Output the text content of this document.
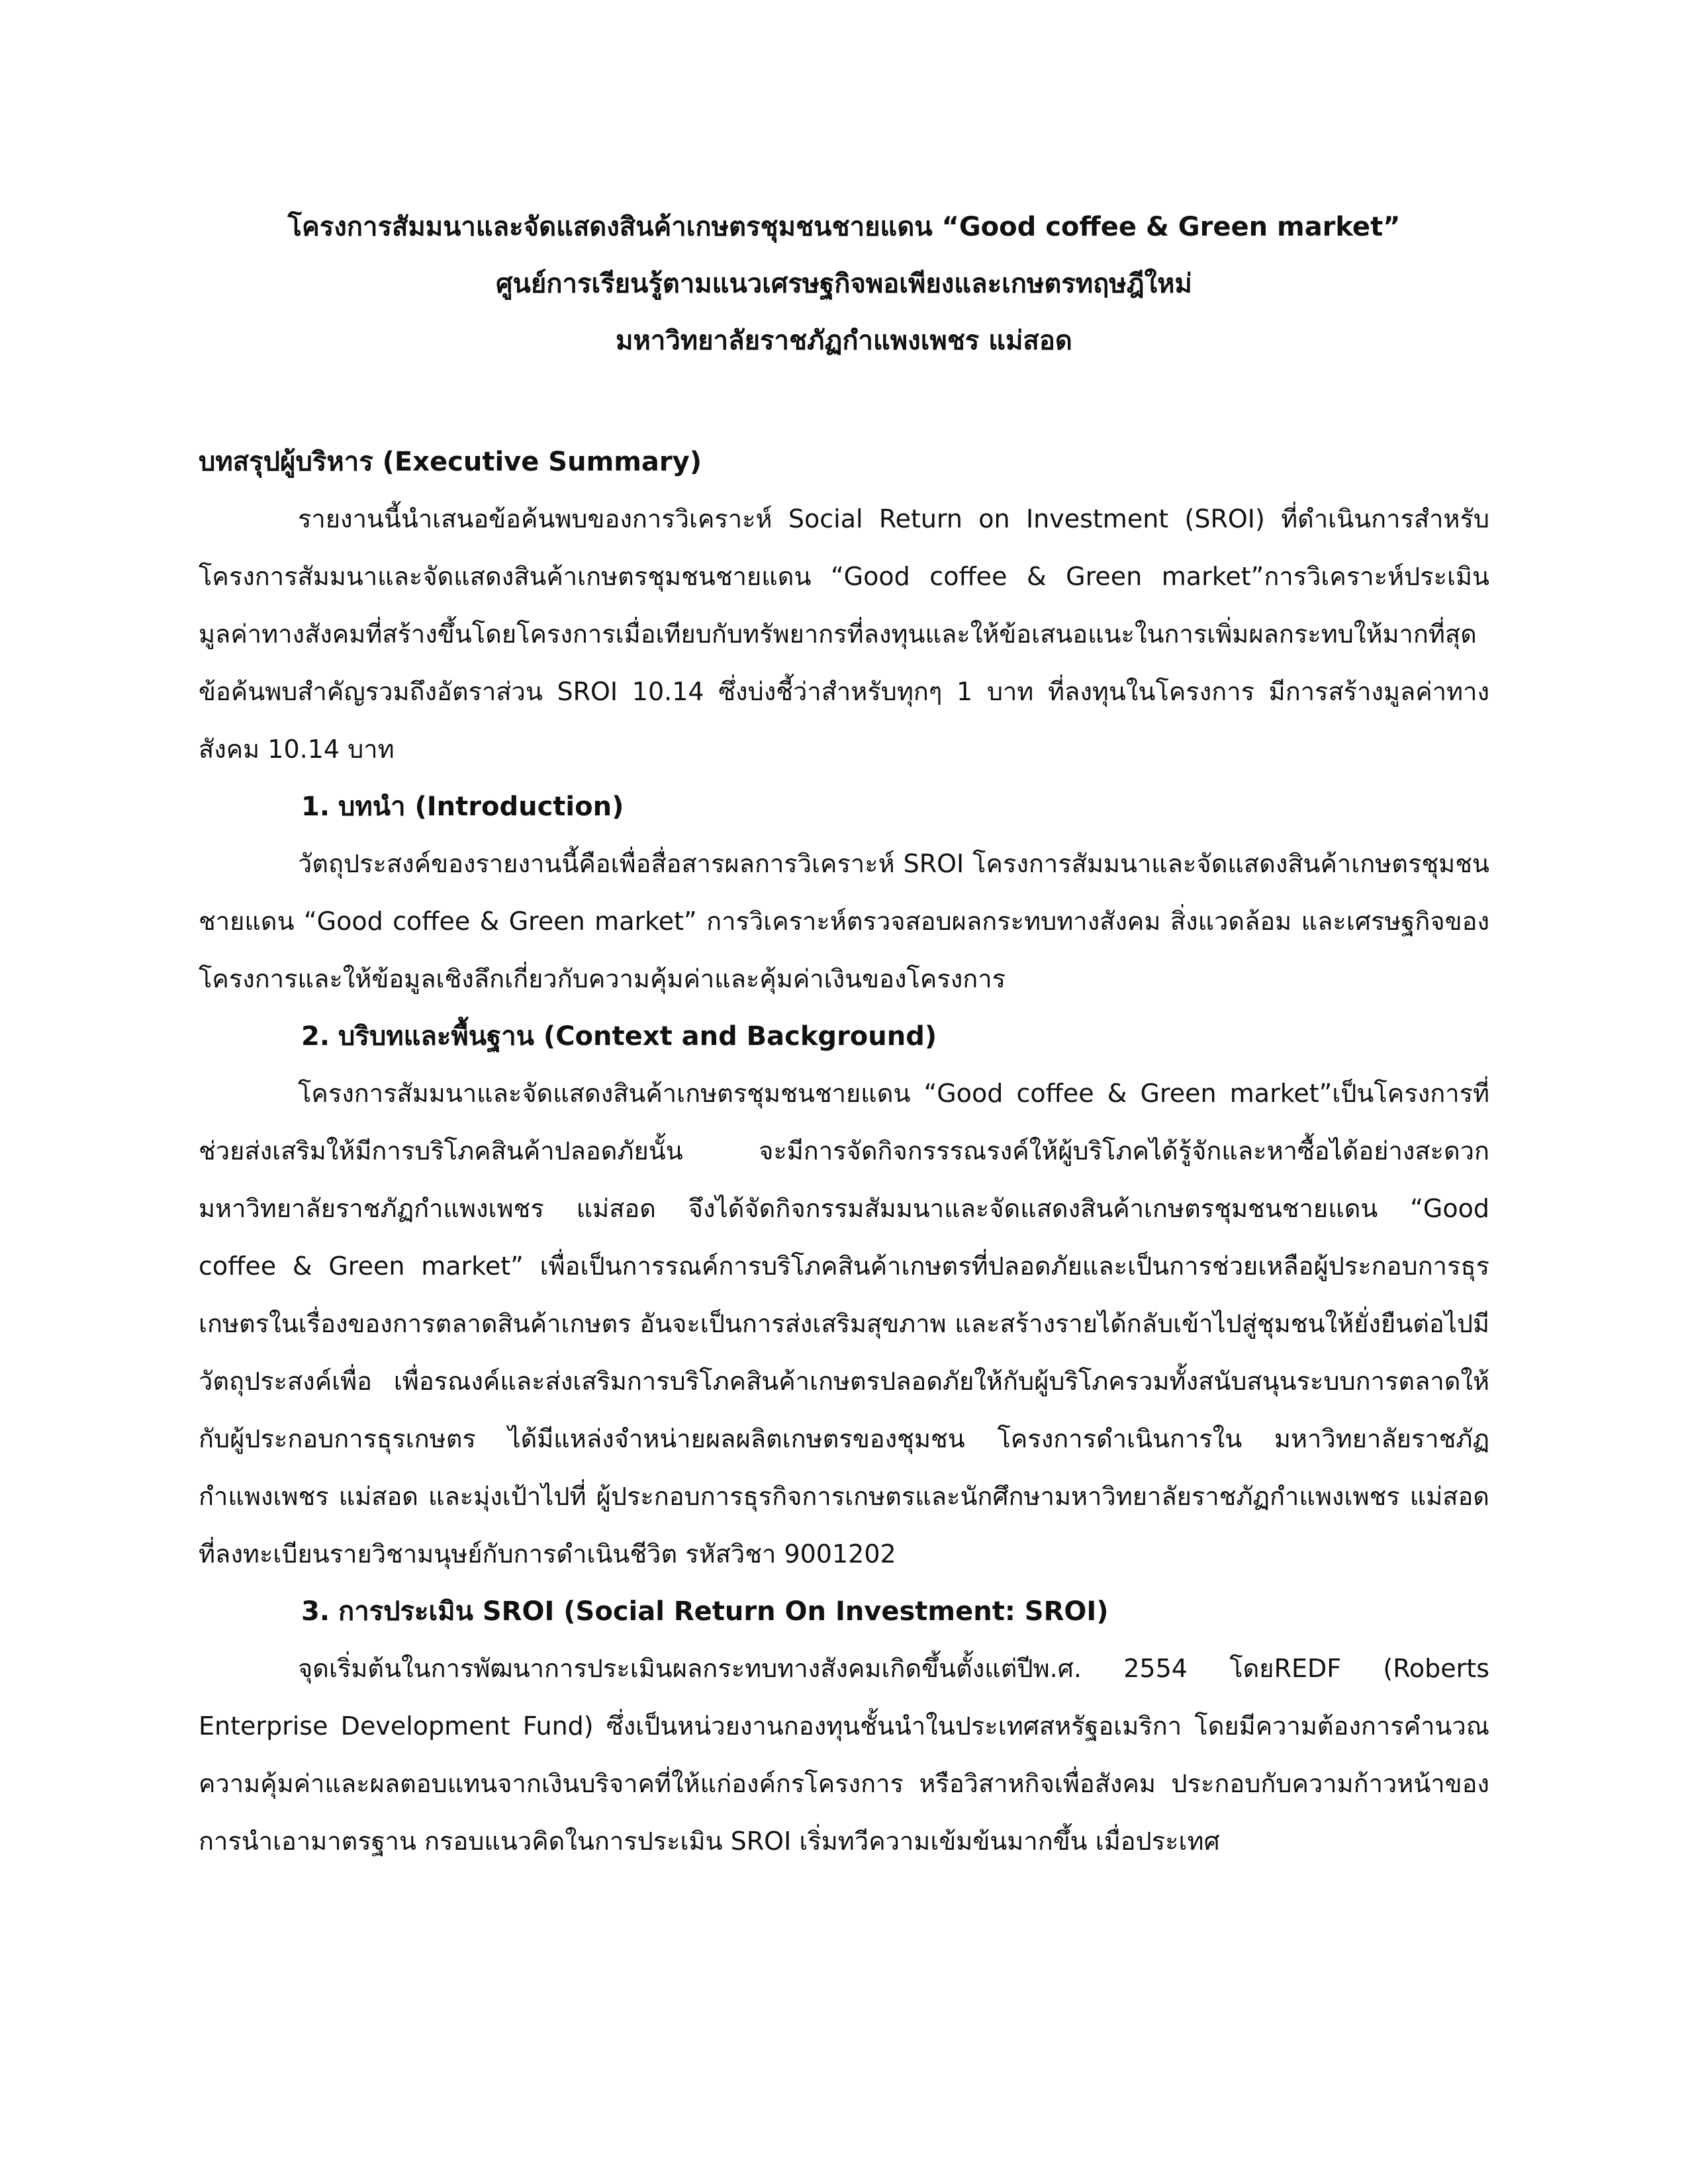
โครงการสัมมนาและจัดแสดงสินค้าเกษตรชุมชนชายแดน “Good coffee & Green market”
ศูนย์การเรียนรู้ตามแนวเศรษฐกิจพอเพียงและเกษตรทฤษฎีใหม่
มหาวิทยาลัยราชภัฏกำแพงเพชร แม่สอด
บทสรุปผู้บริหาร (Executive Summary)

รายงานนี้นำเสนอข้อค้นพบของการวิเคราะห์ Social Return on Investment (SROI) ที่ดำเนินการสำหรับ โครงการสัมมนาและจัดแสดงสินค้าเกษตรชุมชนชายแดน “Good coffee & Green market”การวิเคราะห์ประเมินมูลค่าทางสังคมที่สร้างขึ้นโดยโครงการเมื่อเทียบกับทรัพยากรที่ลงทุนและให้ข้อเสนอแนะในการเพิ่มผลกระทบให้มากที่สุด ข้อค้นพบสำคัญรวมถึงอัตราส่วน SROI 10.14 ซึ่งบ่งชี้ว่าสำหรับทุกๆ 1 บาท ที่ลงทุนในโครงการ มีการสร้างมูลค่าทางสังคม 10.14 บาท

1. บทนำ (Introduction)

วัตถุประสงค์ของรายงานนี้คือเพื่อสื่อสารผลการวิเคราะห์ SROI โครงการสัมมนาและจัดแสดงสินค้าเกษตรชุมชนชายแดน “Good coffee & Green market” การวิเคราะห์ตรวจสอบผลกระทบทางสังคม สิ่งแวดล้อม และเศรษฐกิจของโครงการและให้ข้อมูลเชิงลึกเกี่ยวกับความคุ้มค่าและคุ้มค่าเงินของโครงการ

2. บริบทและพื้นฐาน (Context and Background)

โครงการสัมมนาและจัดแสดงสินค้าเกษตรชุมชนชายแดน “Good coffee & Green market”เป็นโครงการที่ช่วยส่งเสริมให้มีการบริโภคสินค้าปลอดภัยนั้น จะมีการจัดกิจกรรรณรงค์ให้ผู้บริโภคได้รู้จักและหาซื้อได้อย่างสะดวก มหาวิทยาลัยราชภัฏกำแพงเพชร แม่สอด จึงได้จัดกิจกรรมสัมมนาและจัดแสดงสินค้าเกษตรชุมชนชายแดน “Good coffee & Green market” เพื่อเป็นการรณค์การบริโภคสินค้าเกษตรที่ปลอดภัยและเป็นการช่วยเหลือผู้ประกอบการธุรเกษตรในเรื่องของการตลาดสินค้าเกษตร อันจะเป็นการส่งเสริมสุขภาพ และสร้างรายได้กลับเข้าไปสู่ชุมชนให้ยั่งยืนต่อไปมีวัตถุประสงค์เพื่อ เพื่อรณงค์และส่งเสริมการบริโภคสินค้าเกษตรปลอดภัยให้กับผู้บริโภครวมทั้งสนับสนุนระบบการตลาดให้กับผู้ประกอบการธุรเกษตร ได้มีแหล่งจำหน่ายผลผลิตเกษตรของชุมชน โครงการดำเนินการใน มหาวิทยาลัยราชภัฏกำแพงเพชร แม่สอด และมุ่งเป้าไปที่ ผู้ประกอบการธุรกิจการเกษตรและนักศึกษามหาวิทยาลัยราชภัฏกำแพงเพชร แม่สอด ที่ลงทะเบียนรายวิชามนุษย์กับการดำเนินชีวิต รหัสวิชา 9001202

3. การประเมิน SROI (Social Return On Investment: SROI)

จุดเริ่มต้นในการพัฒนาการประเมินผลกระทบทางสังคมเกิดขึ้นตั้งแต่ปีพ.ศ. 2554 โดยREDF (Roberts Enterprise Development Fund) ซึ่งเป็นหน่วยงานกองทุนชั้นนำในประเทศสหรัฐอเมริกา โดยมีความต้องการคำนวณความคุ้มค่าและผลตอบแทนจากเงินบริจาคที่ให้แก่องค์กรโครงการ หรือวิสาหกิจเพื่อสังคม ประกอบกับความก้าวหน้าของการนำเอามาตรฐาน กรอบแนวคิดในการประเมิน SROI เริ่มทวีความเข้มข้นมากขึ้น เมื่อประเทศ
